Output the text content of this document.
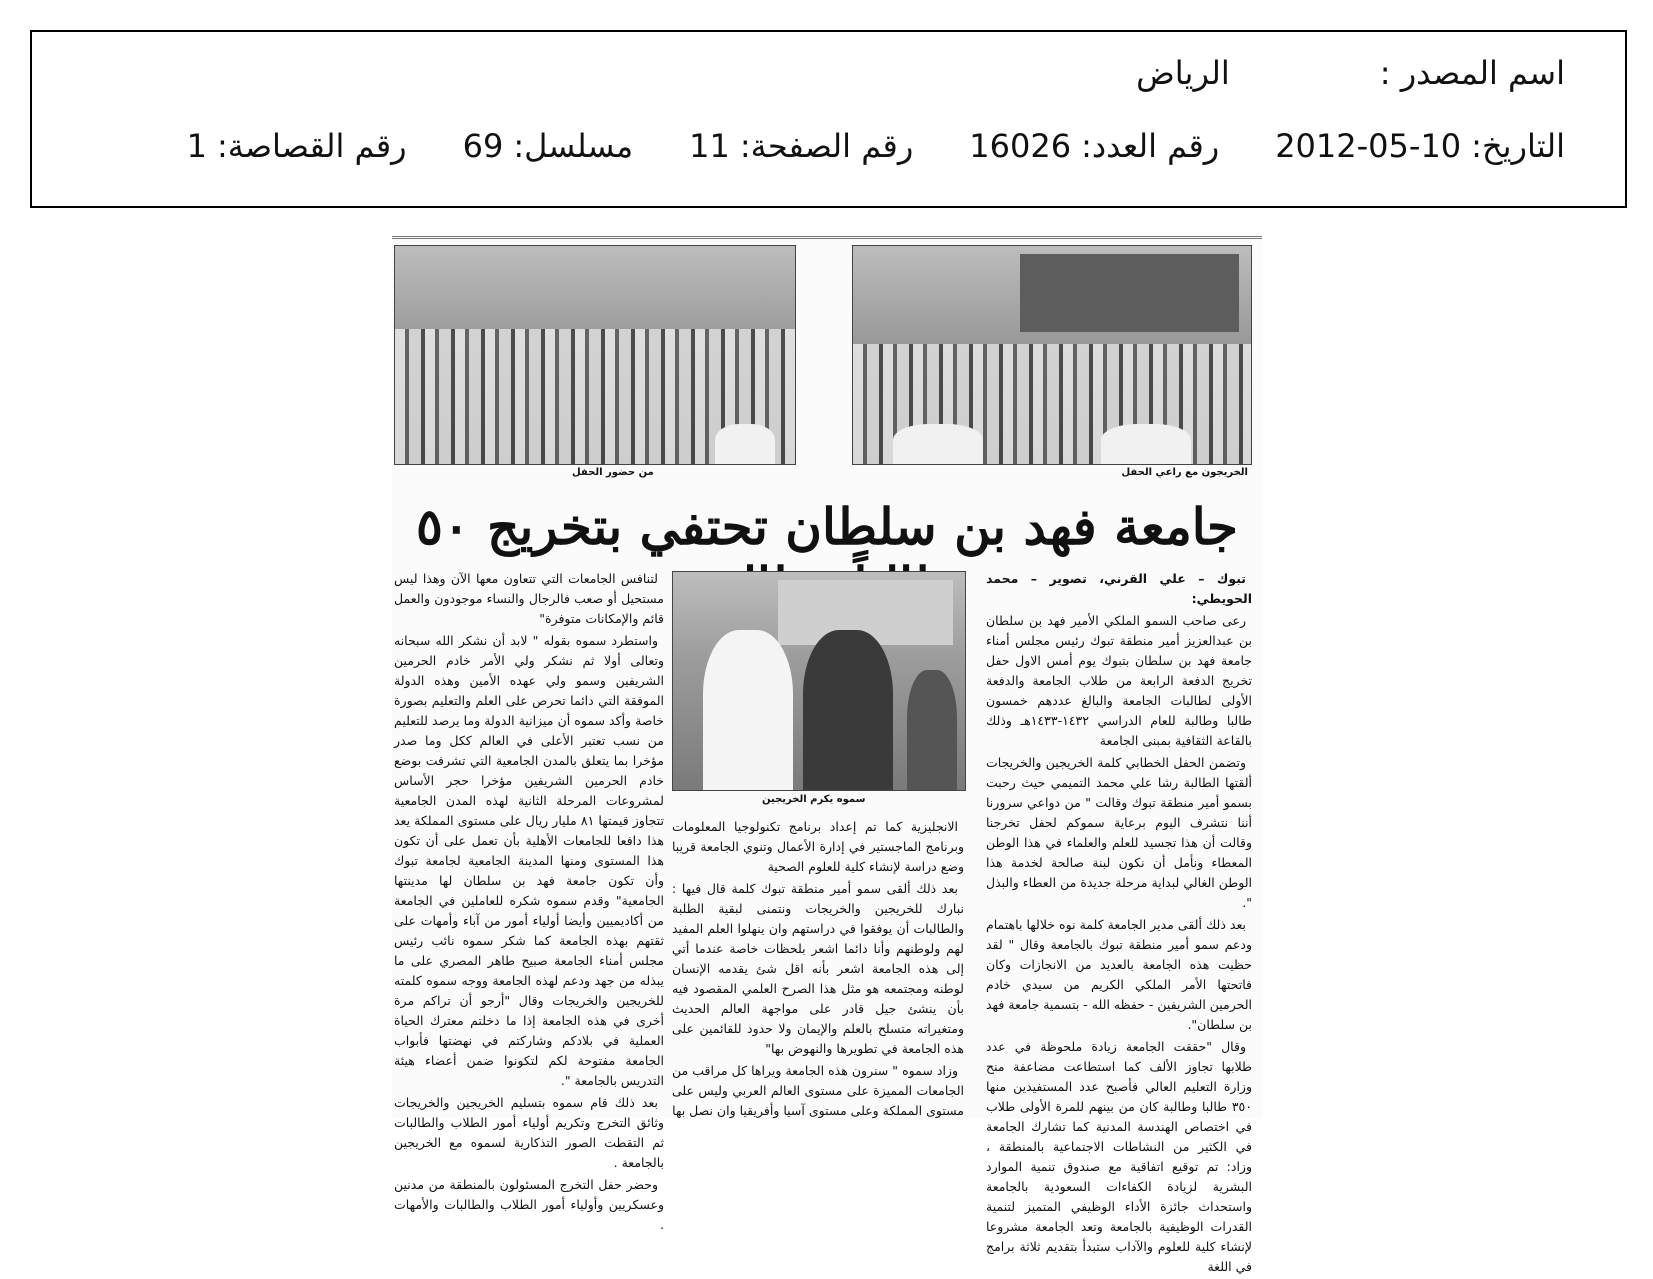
اسم المصدر :
الرياض
التاريخ:
2012-05-10
رقم العدد:
16026
رقم الصفحة:
11
مسلسل:
69
رقم القصاصة:
1
الخريجون مع راعي الحفل
من حضور الحفل
جامعة فهد بن سلطان تحتفي بتخريج ٥٠

تبوك – علي القرني، تصوير – محمد الحويطي:

رعى صاحب السمو الملكي الأمير فهد بن سلطان بن عبدالعزيز أمير منطقة تبوك رئيس مجلس أمناء جامعة فهد بن سلطان بتبوك يوم أمس الاول حفل تخريج الدفعة الرابعة من طلاب الجامعة والدفعة الأولى لطالبات الجامعة والبالغ عددهم خمسون طالبا وطالبة للعام الدراسي ١٤٣٢-١٤٣٣هـ وذلك بالقاعة الثقافية بمبنى الجامعة

وتضمن الحفل الخطابي كلمة الخريجين والخريجات ألقتها الطالبة رشا علي محمد التميمي حيث رحبت بسمو أمير منطقة تبوك وقالت " من دواعي سرورنا أننا نتشرف اليوم برعاية سموكم لحفل تخرجنا وقالت أن هذا تجسيد للعلم والعلماء في هذا الوطن المعطاء ونأمل أن نكون لبنة صالحة لخدمة هذا الوطن الغالي لبداية مرحلة جديدة من العطاء والبذل ".

بعد ذلك ألقى مدير الجامعة كلمة نوه خلالها باهتمام ودعم سمو أمير منطقة تبوك بالجامعة وقال " لقد حظيت هذه الجامعة بالعديد من الانجازات وكان فاتحتها الأمر الملكي الكريم من سيدي خادم الحرمين الشريفين - حفظه الله - بتسمية جامعة فهد بن سلطان".

وقال "حققت الجامعة زيادة ملحوظة في عدد طلابها تجاوز الألف كما استطاعت مضاعفة منح وزارة التعليم العالي فأصبح عدد المستفيدين منها ٣٥٠ طالبا وطالبة كان من بينهم للمرة الأولى طلاب في اختصاص الهندسة المدنية كما تشارك الجامعة في الكثير من النشاطات الاجتماعية بالمنطقة ، وزاد: تم توقيع اتفاقية مع صندوق تنمية الموارد البشرية لزيادة الكفاءات السعودية بالجامعة واستحداث جائزة الأداء الوظيفي المتميز لتنمية القدرات الوظيفية بالجامعة وتعد الجامعة مشروعا لإنشاء كلية للعلوم والآداب ستبدأ بتقديم ثلاثة برامج في اللغة

سموه يكرم الخريجين

الانجليزية كما تم إعداد برنامج تكنولوجيا المعلومات وبرنامج الماجستير في إدارة الأعمال وتنوي الجامعة قريبا وضع دراسة لإنشاء كلية للعلوم الصحية

بعد ذلك ألقى سمو أمير منطقة تبوك كلمة قال فيها : نبارك للخريجين والخريجات ونتمنى لبقية الطلبة والطالبات أن يوفقوا في دراستهم وان ينهلوا العلم المفيد لهم ولوطنهم وأنا دائما اشعر بلحظات خاصة عندما أتي إلى هذه الجامعة اشعر بأنه اقل شئ يقدمه الإنسان لوطنه ومجتمعه هو مثل هذا الصرح العلمي المقصود فيه بأن ينشئ جيل قادر على مواجهة العالم الحديث ومتغيراته متسلح بالعلم والإيمان ولا حدود للقائمين على هذه الجامعة في تطويرها والنهوض بها"

وزاد سموه " سنرون هذه الجامعة ويراها كل مراقب من الجامعات المميزة على مستوى العالم العربي وليس على مستوى المملكة وعلى مستوى آسيا وأفريقيا وان نصل بها

لتنافس الجامعات التي تتعاون معها الآن وهذا ليس مستحيل أو صعب فالرجال والنساء موجودون والعمل قائم والإمكانات متوفرة"

واستطرد سموه بقوله " لابد أن نشكر الله سبحانه وتعالى أولا ثم نشكر ولي الأمر خادم الحرمين الشريفين وسمو ولي عهده الأمين وهذه الدولة الموفقة التي دائما تحرص على العلم والتعليم بصورة خاصة وأكد سموه أن ميزانية الدولة وما يرصد للتعليم من نسب تعتبر الأعلى في العالم ككل وما صدر مؤخرا بما يتعلق بالمدن الجامعية التي تشرفت بوضع خادم الحرمين الشريفين مؤخرا حجر الأساس لمشروعات المرحلة الثانية لهذه المدن الجامعية تتجاوز قيمتها ٨١ مليار ريال على مستوى المملكة يعد هذا دافعا للجامعات الأهلية بأن تعمل على أن تكون هذا المستوى ومنها المدينة الجامعية لجامعة تبوك وأن تكون جامعة فهد بن سلطان لها مدينتها الجامعية" وقدم سموه شكره للعاملين في الجامعة من أكاديميين وأيضا أولياء أمور من آباء وأمهات على ثقتهم بهذه الجامعة كما شكر سموه نائب رئيس مجلس أمناء الجامعة صبيح طاهر المصري على ما يبذله من جهد ودعم لهذه الجامعة ووجه سموه كلمته للخريجين والخريجات وقال "أرجو أن تراكم مرة أخرى في هذه الجامعة إذا ما دخلتم معترك الحياة العملية في بلادكم وشاركتم في نهضتها فأبواب الجامعة مفتوحة لكم لتكونوا ضمن أعضاء هيئة التدريس بالجامعة ".

بعد ذلك قام سموه بتسليم الخريجين والخريجات وثائق التخرج وتكريم أولياء أمور الطلاب والطالبات ثم التقطت الصور التذكارية لسموه مع الخريجين بالجامعة .

وحضر حفل التخرج المسئولون بالمنطقة من مدنين وعسكريين وأولياء أمور الطلاب والطالبات والأمهات .
